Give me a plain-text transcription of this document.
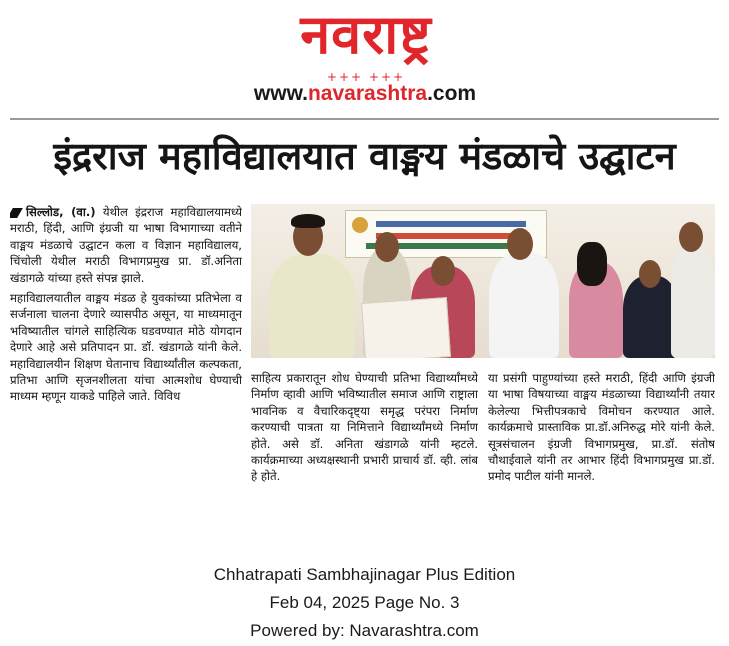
नवराष्ट्र
+++ +++
www.navarashtra.com
इंद्रराज महाविद्यालयात वाङ्मय मंडळाचे उद्घाटन

सिल्लोड, (वा.) येथील इंद्रराज महाविद्यालयामध्ये मराठी, हिंदी, आणि इंग्रजी या भाषा विभागाच्या वतीने वाङ्मय मंडळाचे उद्घाटन कला व विज्ञान महाविद्यालय, चिंचोली येथील मराठी विभागप्रमुख प्रा. डॉ.अनिता खंडागळे यांच्या हस्ते संपन्न झाले.

महाविद्यालयातील वाङ्मय मंडळ हे युवकांच्या प्रतिभेला व सर्जनाला चालना देणारे व्यासपीठ असून, या माध्यमातून भविष्यातील चांगले साहित्यिक घडवण्यात मोठे योगदान देणारे आहे असे प्रतिपादन प्रा. डॉ. खंडागळे यांनी केले. महाविद्यालयीन शिक्षण घेतानाच विद्यार्थ्यांतील कल्पकता, प्रतिभा आणि सृजनशीलता यांचा आत्मशोध घेण्याची माध्यम म्हणून याकडे पाहिले जाते. विविध

साहित्य प्रकारातून शोध घेण्याची प्रतिभा विद्यार्थ्यांमध्ये निर्माण व्हावी आणि भविष्यातील समाज आणि राष्ट्राला भावनिक व वैचारिकदृष्ट्या समृद्ध परंपरा निर्माण करण्याची पात्रता या निमित्ताने विद्यार्थ्यांमध्ये निर्माण होते. असे डॉ. अनिता खंडागळे यांनी म्हटले. कार्यक्रमाच्या अध्यक्षस्थानी प्रभारी प्राचार्य डॉ. व्ही. लांब हे होते.
या प्रसंगी पाहुण्यांच्या हस्ते मराठी, हिंदी आणि इंग्रजी या भाषा विषयाच्या वाङ्मय मंडळाच्या विद्यार्थ्यांनी तयार केलेल्या भित्तीपत्रकाचे विमोचन करण्यात आले. कार्यक्रमाचे प्रास्ताविक प्रा.डॉ.अनिरुद्ध मोरे यांनी केले. सूत्रसंचालन इंग्रजी विभागप्रमुख, प्रा.डॉ. संतोष चौथाईवाले यांनी तर आभार हिंदी विभागप्रमुख प्रा.डॉ. प्रमोद पाटील यांनी मानले.
Chhatrapati Sambhajinagar Plus Edition
Feb 04, 2025 Page No. 3
Powered by: Navarashtra.com
